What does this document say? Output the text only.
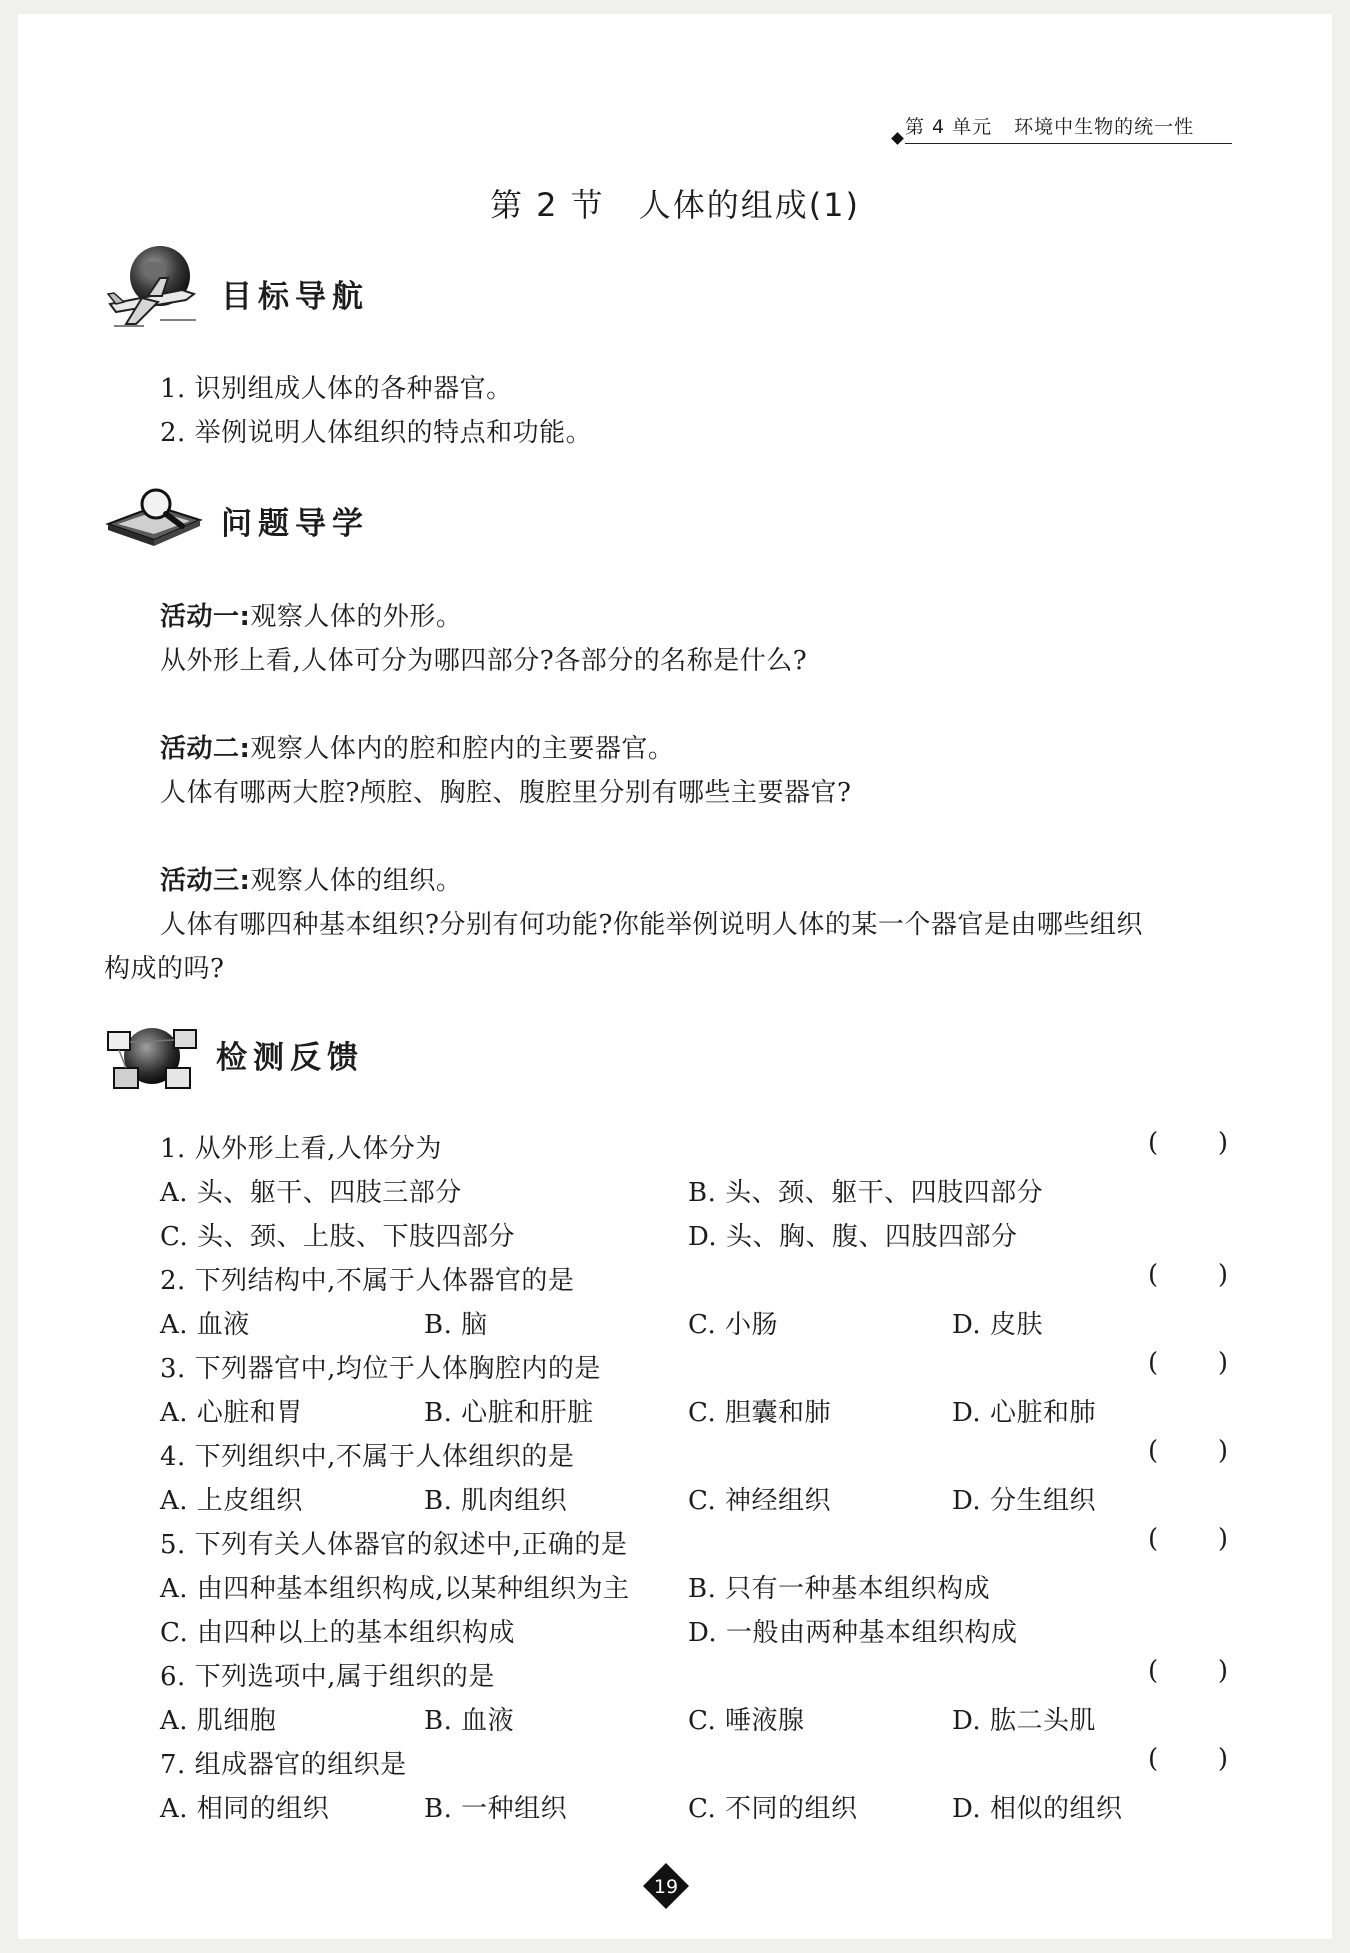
第 4 单元 环境中生物的统一性
第 2 节 人体的组成(1)
目标导航
1. 识别组成人体的各种器官。
2. 举例说明人体组织的特点和功能。
问题导学
活动一:观察人体的外形。
从外形上看,人体可分为哪四部分?各部分的名称是什么?
活动二:观察人体内的腔和腔内的主要器官。
人体有哪两大腔?颅腔、胸腔、腹腔里分别有哪些主要器官?
活动三:观察人体的组织。
人体有哪四种基本组织?分别有何功能?你能举例说明人体的某一个器官是由哪些组织
构成的吗?
检测反馈
1. 从外形上看,人体分为	( )
A. 头、躯干、四肢三部分	B. 头、颈、躯干、四肢四部分
C. 头、颈、上肢、下肢四部分	D. 头、胸、腹、四肢四部分
2. 下列结构中,不属于人体器官的是	( )
A. 血液	B. 脑	C. 小肠	D. 皮肤
3. 下列器官中,均位于人体胸腔内的是	( )
A. 心脏和胃	B. 心脏和肝脏	C. 胆囊和肺	D. 心脏和肺
4. 下列组织中,不属于人体组织的是	( )
A. 上皮组织	B. 肌肉组织	C. 神经组织	D. 分生组织
5. 下列有关人体器官的叙述中,正确的是	( )
A. 由四种基本组织构成,以某种组织为主 B. 只有一种基本组织构成
C. 由四种以上的基本组织构成	D. 一般由两种基本组织构成
6. 下列选项中,属于组织的是	( )
A. 肌细胞	B. 血液	C. 唾液腺	D. 肱二头肌
7. 组成器官的组织是	( )
A. 相同的组织	B. 一种组织	C. 不同的组织	D. 相似的组织
19
